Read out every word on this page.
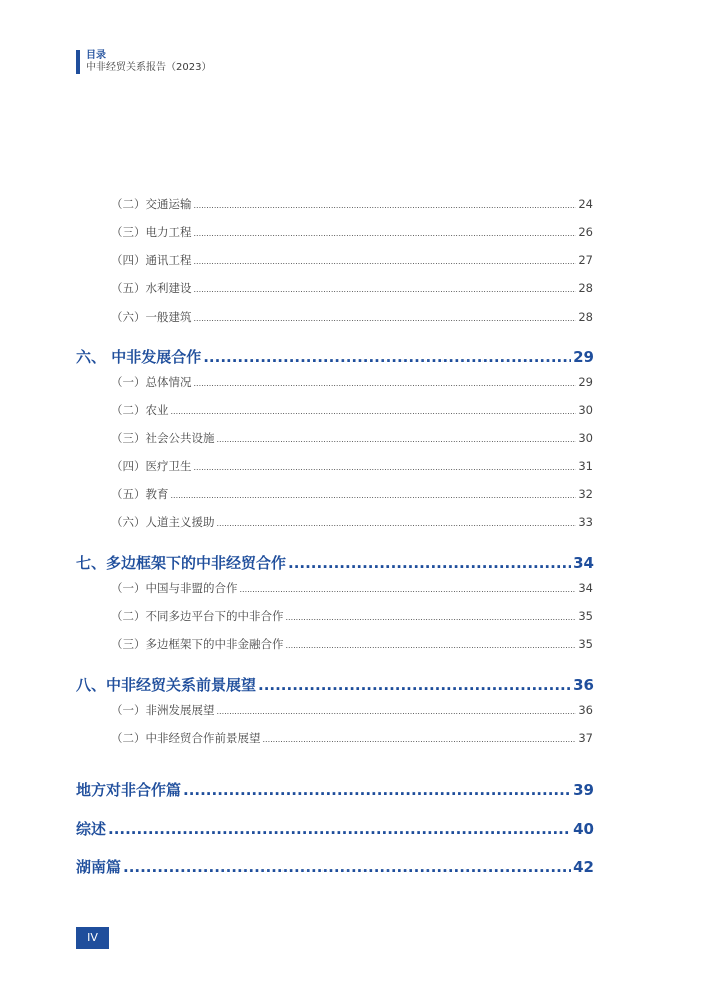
目录
中非经贸关系报告（2023）
（二）交通运输 .....	24
（三）电力工程 .....	26
（四）通讯工程 .....	27
（五）水利建设 .....	28
（六）一般建筑 .....	28
六、 中非发展合作 .....	29
（一）总体情况 .....	29
（二）农业 .....	30
（三）社会公共设施 .....	30
（四）医疗卫生 .....	31
（五）教育 .....	32
（六）人道主义援助 .....	33
七、多边框架下的中非经贸合作 .....	34
（一）中国与非盟的合作 .....	34
（二）不同多边平台下的中非合作 .....	35
（三）多边框架下的中非金融合作 .....	35
八、中非经贸关系前景展望 .....	36
（一）非洲发展展望 .....	36
（二）中非经贸合作前景展望 .....	37
地方对非合作篇 .....	39
综述 .....	40
湖南篇 .....	42
IV
